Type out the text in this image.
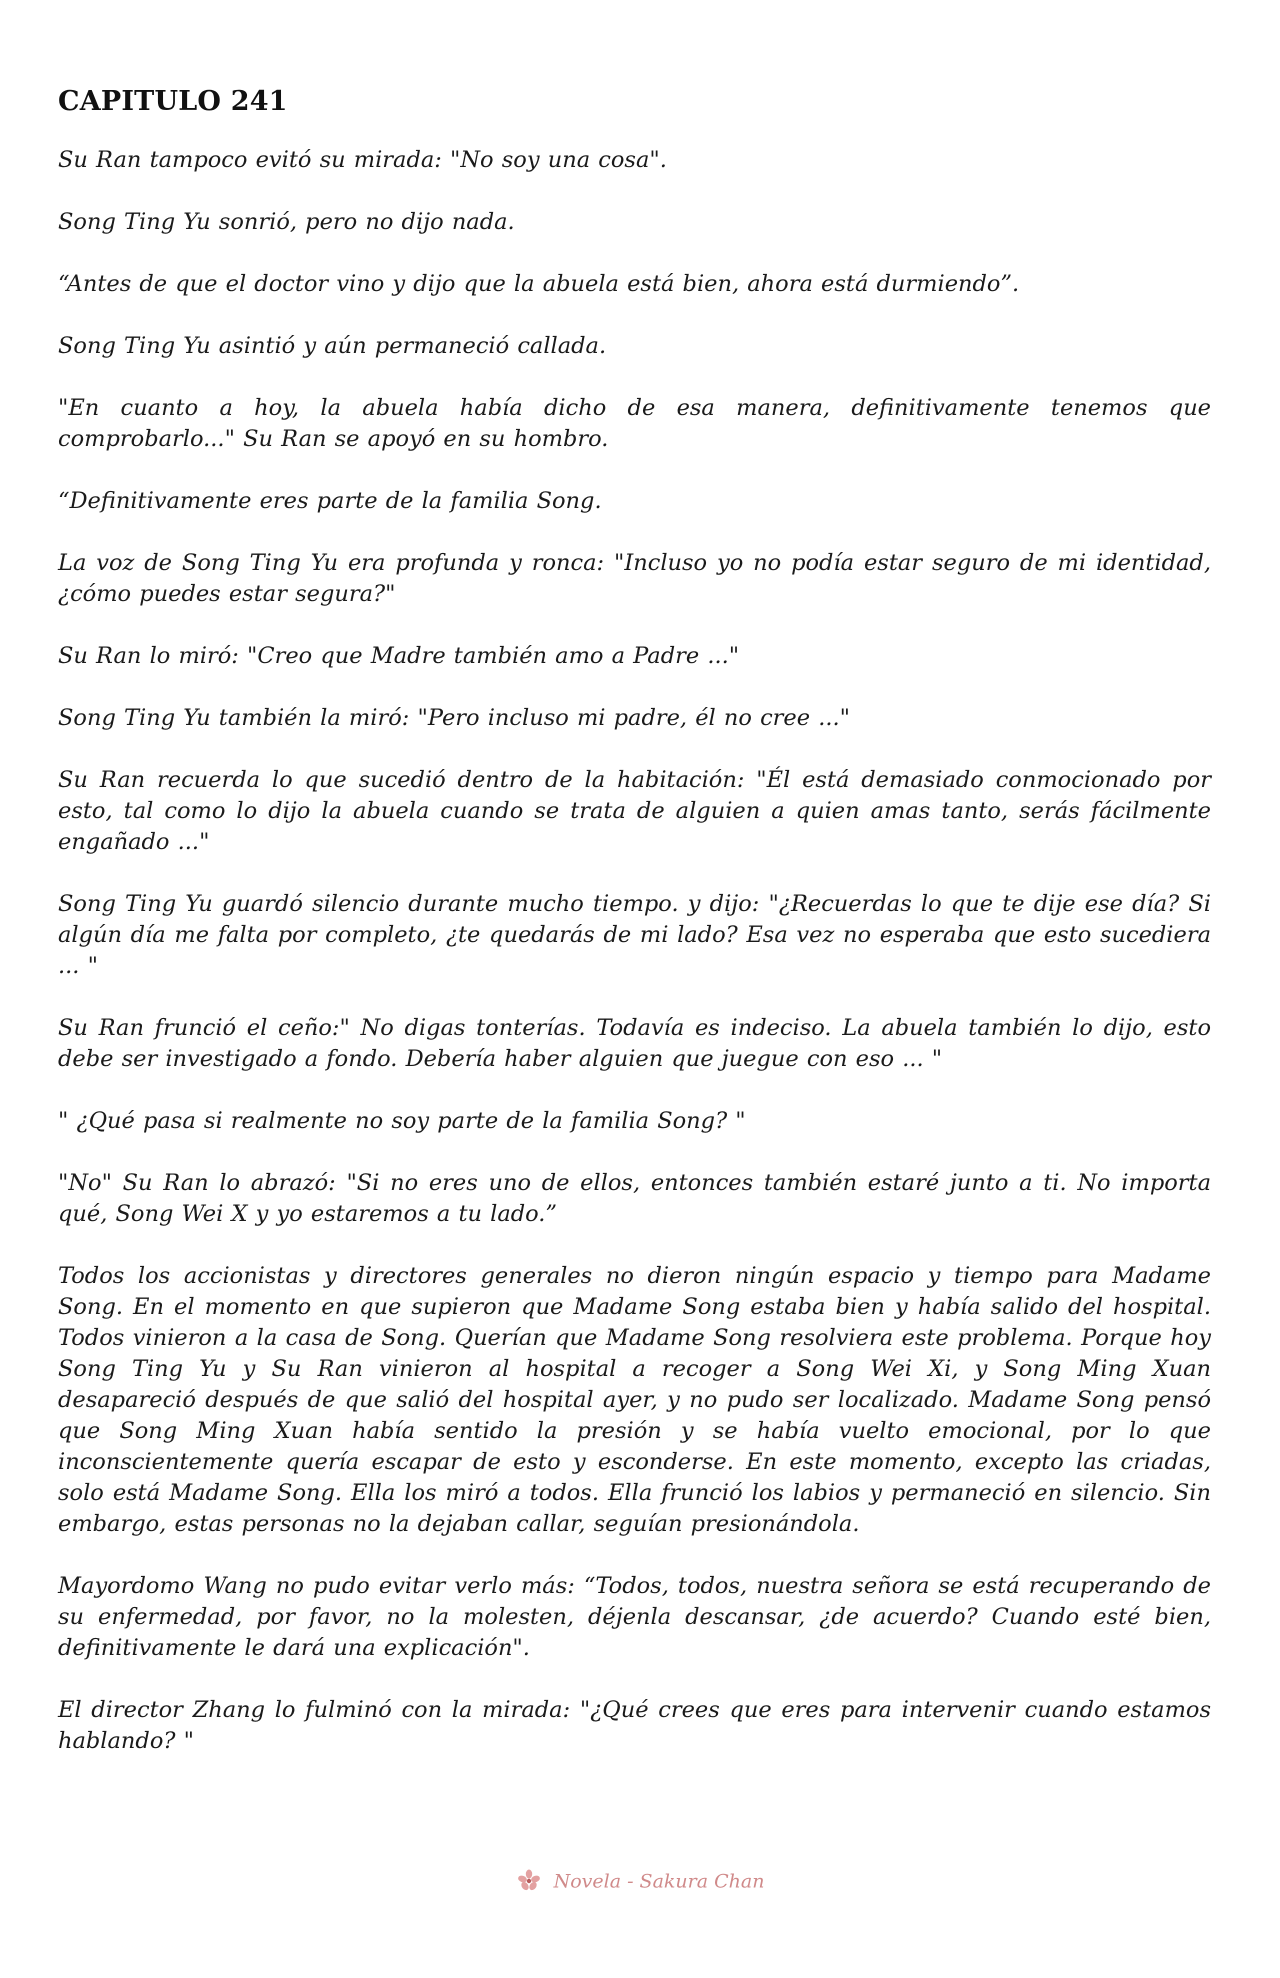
CAPITULO 241

Su Ran tampoco evitó su mirada: "No soy una cosa".

Song Ting Yu sonrió, pero no dijo nada.

“Antes de que el doctor vino y dijo que la abuela está bien, ahora está durmiendo”.

Song Ting Yu asintió y aún permaneció callada.

"En cuanto a hoy, la abuela había dicho de esa manera, definitivamente tenemos que comprobarlo..." Su Ran se apoyó en su hombro.

“Definitivamente eres parte de la familia Song.

La voz de Song Ting Yu era profunda y ronca: "Incluso yo no podía estar seguro de mi identidad, ¿cómo puedes estar segura?"

Su Ran lo miró: "Creo que Madre también amo a Padre ..."

Song Ting Yu también la miró: "Pero incluso mi padre, él no cree ..."

Su Ran recuerda lo que sucedió dentro de la habitación: "Él está demasiado conmocionado por esto, tal como lo dijo la abuela cuando se trata de alguien a quien amas tanto, serás fácilmente engañado ..."

Song Ting Yu guardó silencio durante mucho tiempo. y dijo: "¿Recuerdas lo que te dije ese día? Si algún día me falta por completo, ¿te quedarás de mi lado? Esa vez no esperaba que esto sucediera ... "

Su Ran frunció el ceño:" No digas tonterías. Todavía es indeciso. La abuela también lo dijo, esto debe ser investigado a fondo. Debería haber alguien que juegue con eso ... "

" ¿Qué pasa si realmente no soy parte de la familia Song? "

"No" Su Ran lo abrazó: "Si no eres uno de ellos, entonces también estaré junto a ti. No importa qué, Song Wei X y yo estaremos a tu lado.”

Todos los accionistas y directores generales no dieron ningún espacio y tiempo para Madame Song. En el momento en que supieron que Madame Song estaba bien y había salido del hospital. Todos vinieron a la casa de Song. Querían que Madame Song resolviera este problema. Porque hoy Song Ting Yu y Su Ran vinieron al hospital a recoger a Song Wei Xi, y Song Ming Xuan desapareció después de que salió del hospital ayer, y no pudo ser localizado. Madame Song pensó que Song Ming Xuan había sentido la presión y se había vuelto emocional, por lo que inconscientemente quería escapar de esto y esconderse. En este momento, excepto las criadas, solo está Madame Song. Ella los miró a todos. Ella frunció los labios y permaneció en silencio. Sin embargo, estas personas no la dejaban callar, seguían presionándola.

Mayordomo Wang no pudo evitar verlo más: “Todos, todos, nuestra señora se está recuperando de su enfermedad, por favor, no la molesten, déjenla descansar, ¿de acuerdo? Cuando esté bien, definitivamente le dará una explicación".

El director Zhang lo fulminó con la mirada: "¿Qué crees que eres para intervenir cuando estamos hablando? "

Novela - Sakura Chan
